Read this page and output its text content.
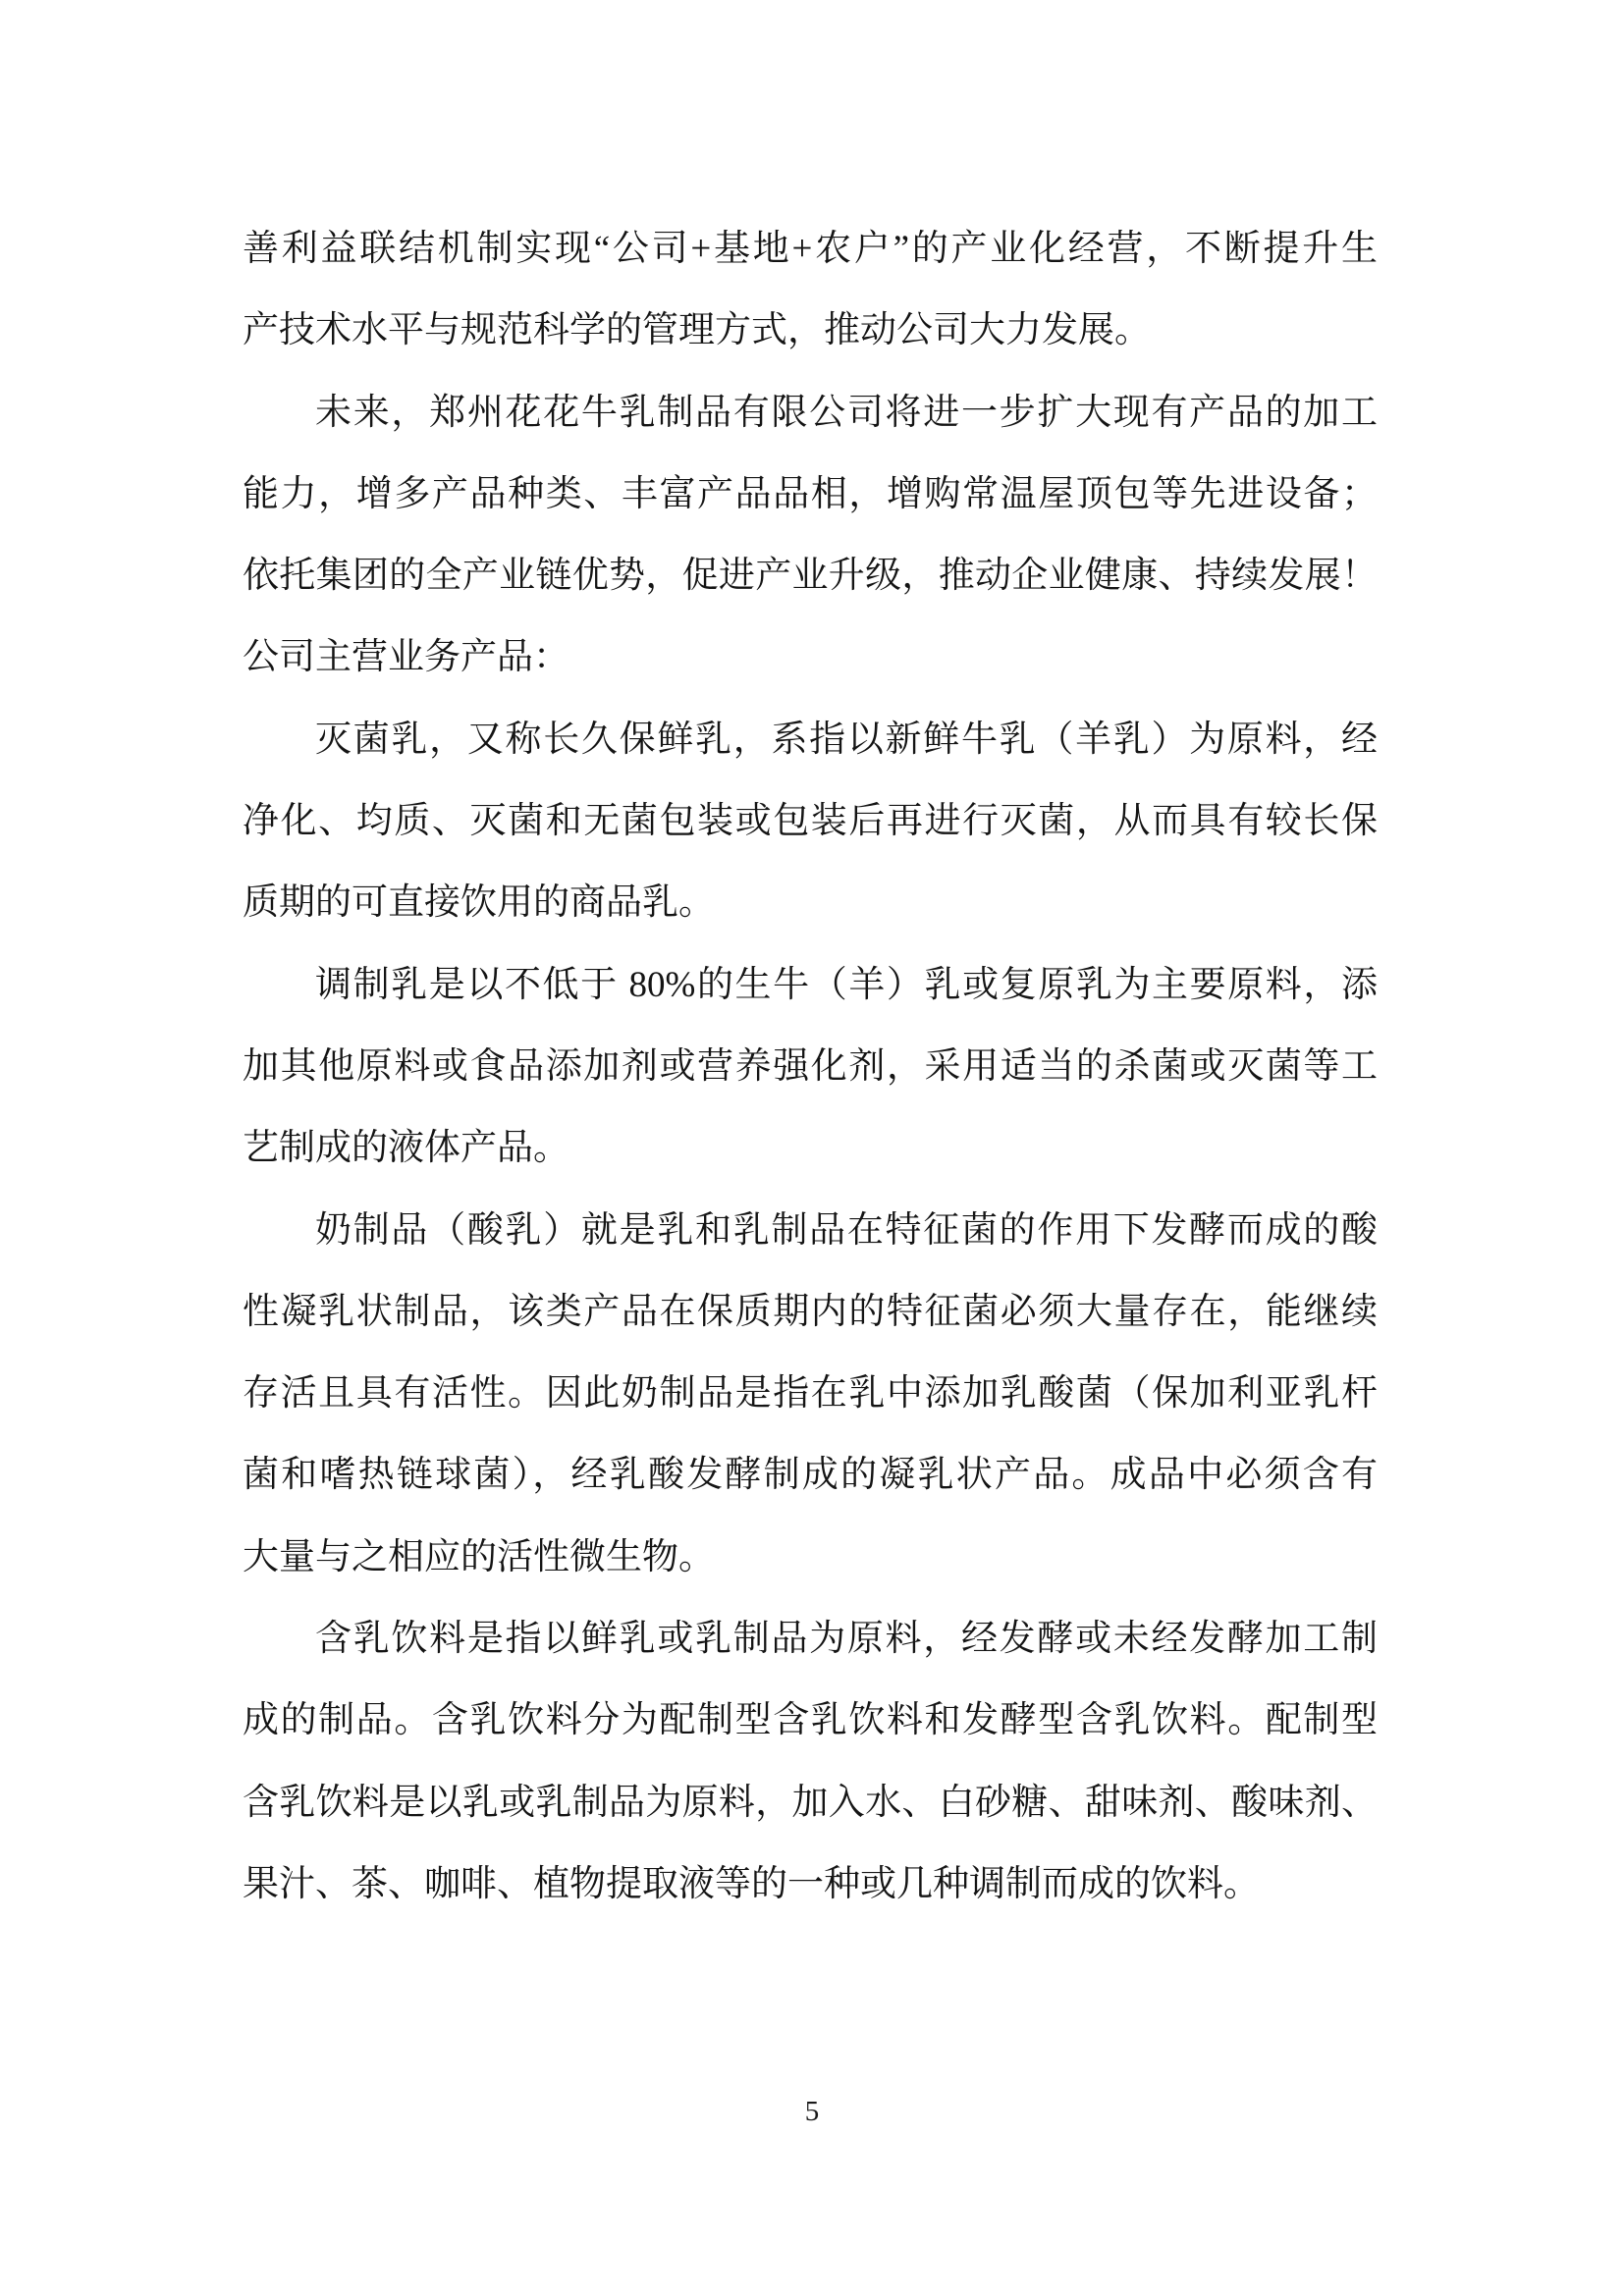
善利益联结机制实现“公司+基地+农户”的产业化经营，不断提升生
产技术水平与规范科学的管理方式，推动公司大力发展。
未来，郑州花花牛乳制品有限公司将进一步扩大现有产品的加工
能力，增多产品种类、丰富产品品相，增购常温屋顶包等先进设备；
依托集团的全产业链优势，促进产业升级，推动企业健康、持续发展！
公司主营业务产品：
灭菌乳，又称长久保鲜乳，系指以新鲜牛乳（羊乳）为原料，经
净化、均质、灭菌和无菌包装或包装后再进行灭菌，从而具有较长保
质期的可直接饮用的商品乳。
调制乳是以不低于 80%的生牛（羊）乳或复原乳为主要原料，添
加其他原料或食品添加剂或营养强化剂，采用适当的杀菌或灭菌等工
艺制成的液体产品。
奶制品（酸乳）就是乳和乳制品在特征菌的作用下发酵而成的酸
性凝乳状制品，该类产品在保质期内的特征菌必须大量存在，能继续
存活且具有活性。因此奶制品是指在乳中添加乳酸菌（保加利亚乳杆
菌和嗜热链球菌），经乳酸发酵制成的凝乳状产品。成品中必须含有
大量与之相应的活性微生物。
含乳饮料是指以鲜乳或乳制品为原料，经发酵或未经发酵加工制
成的制品。含乳饮料分为配制型含乳饮料和发酵型含乳饮料。配制型
含乳饮料是以乳或乳制品为原料，加入水、白砂糖、甜味剂、酸味剂、
果汁、茶、咖啡、植物提取液等的一种或几种调制而成的饮料。
5
